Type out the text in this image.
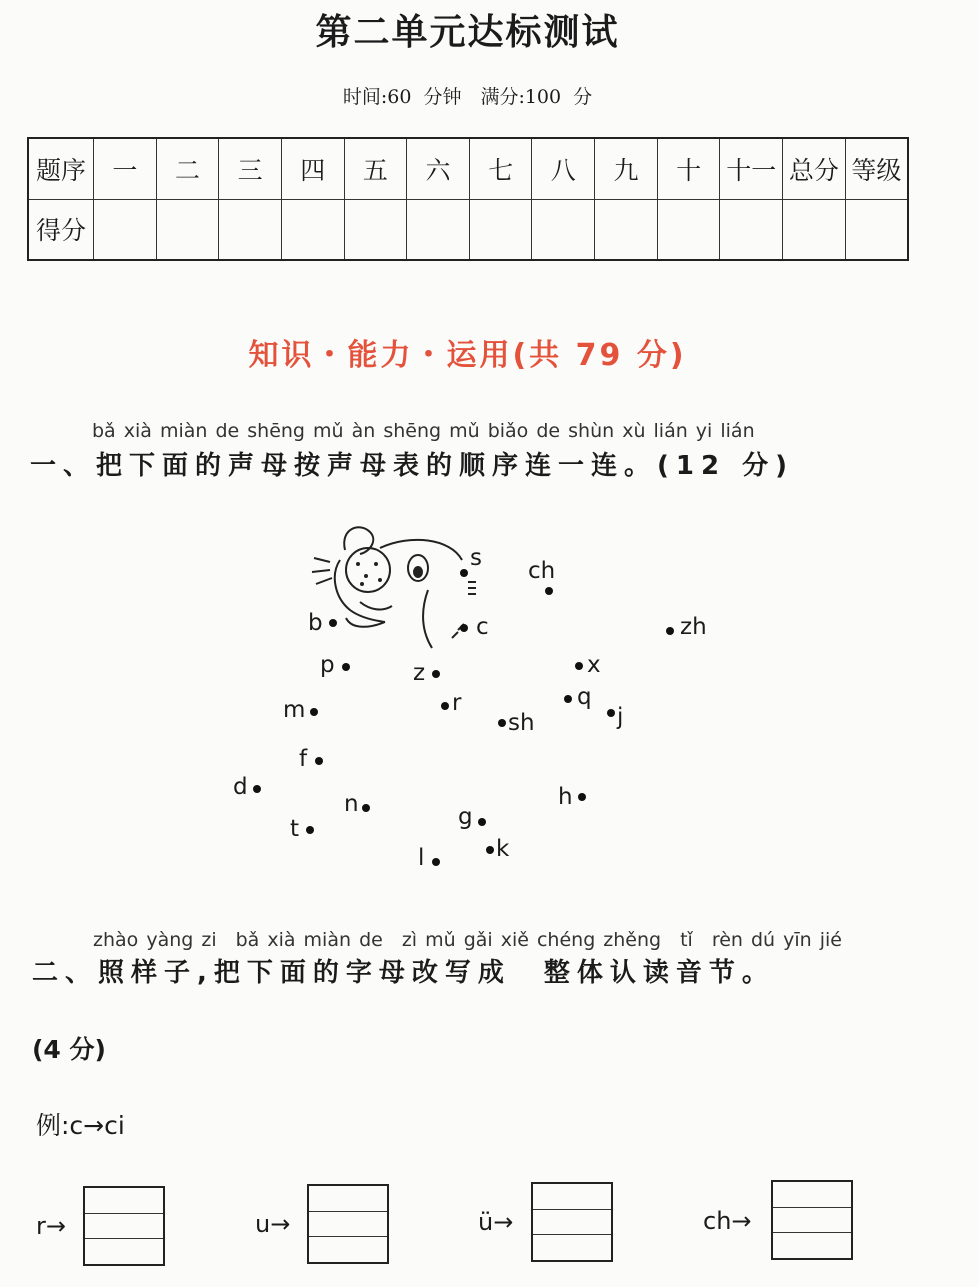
第二单元达标测试
时间:60 分钟　满分:100 分
题序	一	二	三	四	五	六	七	八	九	十	十一	总分	等级
得分													
知识・能力・运用(共 79 分)
bǎ xià miàn de shēng mǔ àn shēng mǔ biǎo de shùn xù lián yi lián
一、把下面的声母按声母表的顺序连一连。(12 分)
s ch
b	c	zh
p	z	x
q
m	r
sh	j
f
d
n	h
g
t
k
l
zhào yàng zi　bǎ xià miàn de　zì mǔ gǎi xiě chéng zhěng　tǐ　rèn dú yīn jié
二、照样子,把下面的字母改写成　整体认读音节。
(4 分)
例:c→ci
r→	u→	ü→	ch→
